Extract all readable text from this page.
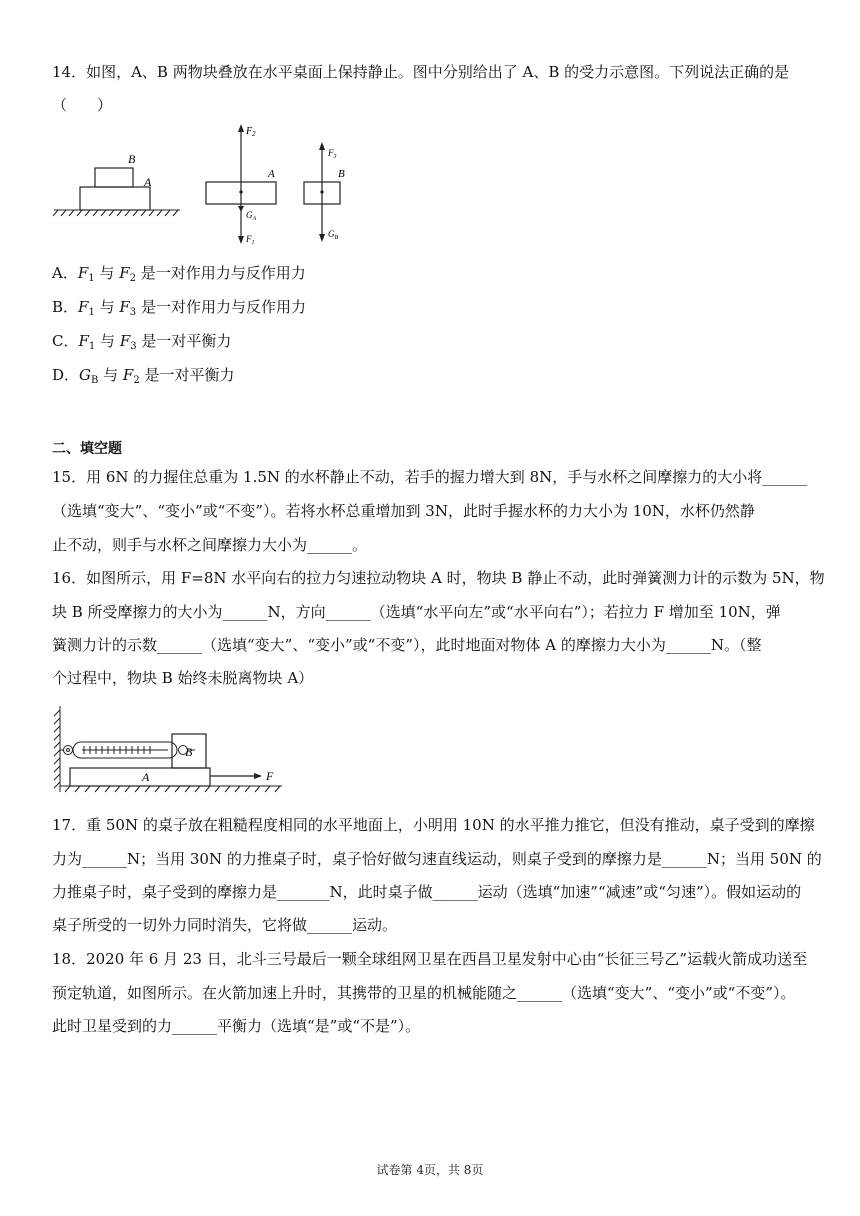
14．如图，A、B 两物块叠放在水平桌面上保持静止。图中分别给出了 A、B 的受力示意图。下列说法正确的是
（　　）
B
A
A
$F_2$
$G_A$
$F_1$
B
$F_3$
$G_B$
A．$F_1$ 与 $F_2$ 是一对作用力与反作用力
B．$F_1$ 与 $F_3$ 是一对作用力与反作用力
C．$F_1$ 与 $F_3$ 是一对平衡力
D．$G_B$ 与 $F_2$ 是一对平衡力
二、填空题
15．用 6N 的力握住总重为 1.5N 的水杯静止不动，若手的握力增大到 8N，手与水杯之间摩擦力的大小将______
（选填“变大”、“变小”或“不变”）。若将水杯总重增加到 3N，此时手握水杯的力大小为 10N，水杯仍然静
止不动，则手与水杯之间摩擦力大小为______。
16．如图所示，用 F=8N 水平向右的拉力匀速拉动物块 A 时，物块 B 静止不动，此时弹簧测力计的示数为 5N，物
块 B 所受摩擦力的大小为______N，方向______（选填“水平向左”或“水平向右”）；若拉力 F 增加至 10N，弹
簧测力计的示数______（选填“变大”、“变小”或“不变”），此时地面对物体 A 的摩擦力大小为______N。（整
个过程中，物块 B 始终未脱离物块 A）
B
A	F
17．重 50N 的桌子放在粗糙程度相同的水平地面上，小明用 10N 的水平推力推它，但没有推动，桌子受到的摩擦
力为______N；当用 30N 的力推桌子时，桌子恰好做匀速直线运动，则桌子受到的摩擦力是______N；当用 50N 的
力推桌子时，桌子受到的摩擦力是_______N，此时桌子做______运动（选填“加速”“减速”或“匀速”）。假如运动的
桌子所受的一切外力同时消失，它将做______运动。
18．2020 年 6 月 23 日，北斗三号最后一颗全球组网卫星在西昌卫星发射中心由“长征三号乙”运载火箭成功送至
预定轨道，如图所示。在火箭加速上升时，其携带的卫星的机械能随之______（选填“变大”、“变小”或“不变”）。
此时卫星受到的力______平衡力（选填“是”或“不是”）。
试卷第 4页，共 8页
